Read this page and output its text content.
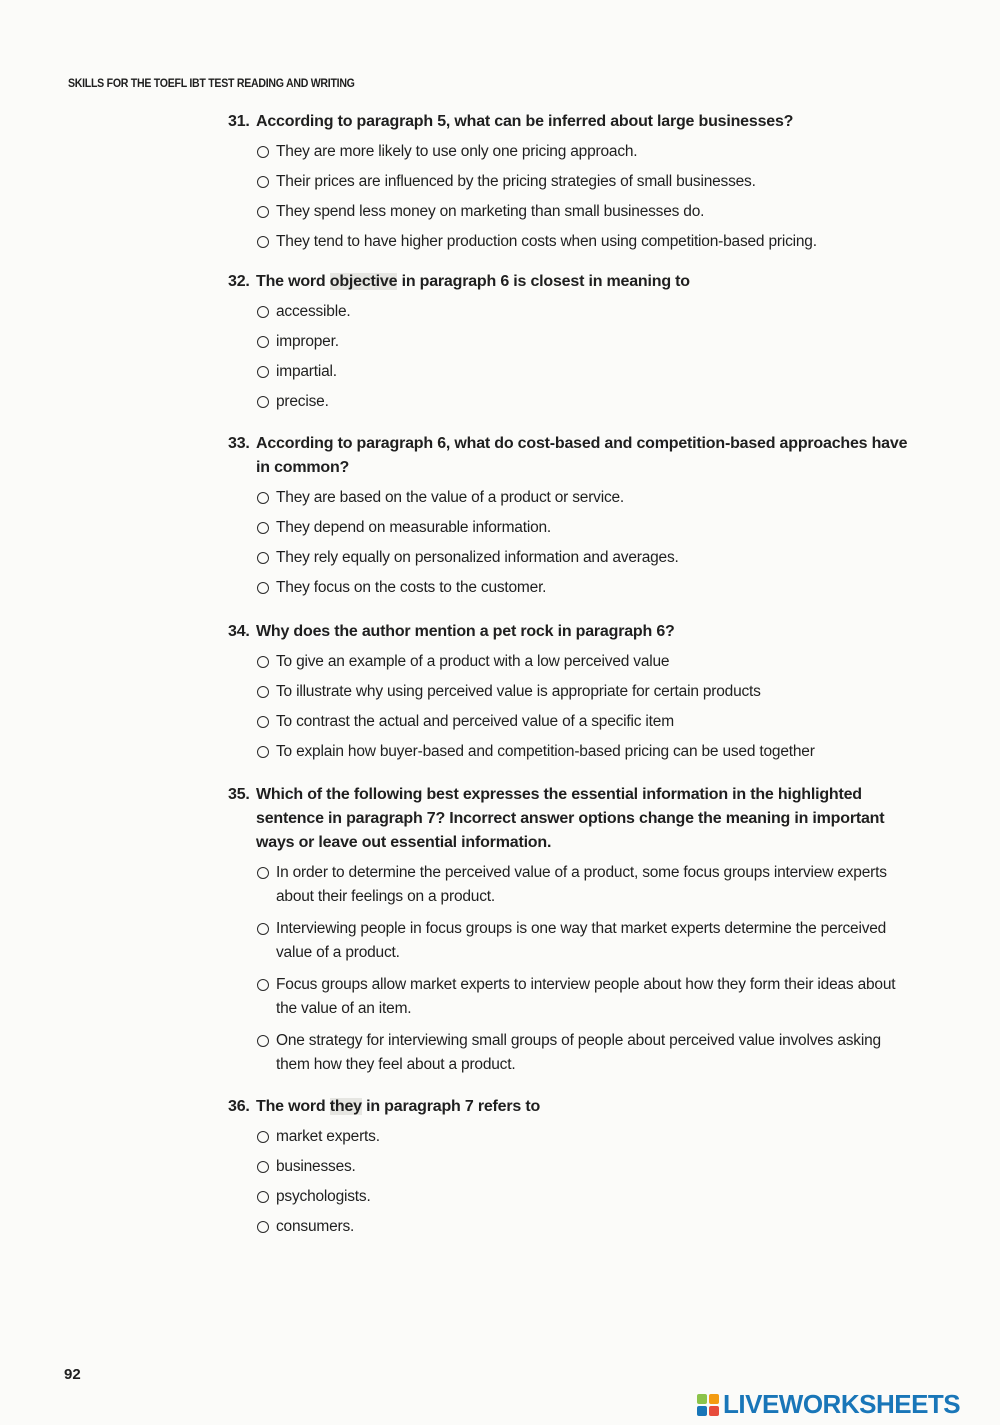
SKILLS FOR THE TOEFL IBT TEST READING AND WRITING
31. According to paragraph 5, what can be inferred about large businesses?
They are more likely to use only one pricing approach.
Their prices are influenced by the pricing strategies of small businesses.
They spend less money on marketing than small businesses do.
They tend to have higher production costs when using competition-based pricing.
32. The word objective in paragraph 6 is closest in meaning to
accessible.
improper.
impartial.
precise.
33. According to paragraph 6, what do cost-based and competition-based approaches have in common?
They are based on the value of a product or service.
They depend on measurable information.
They rely equally on personalized information and averages.
They focus on the costs to the customer.
34. Why does the author mention a pet rock in paragraph 6?
To give an example of a product with a low perceived value
To illustrate why using perceived value is appropriate for certain products
To contrast the actual and perceived value of a specific item
To explain how buyer-based and competition-based pricing can be used together
35. Which of the following best expresses the essential information in the highlighted sentence in paragraph 7? Incorrect answer options change the meaning in important ways or leave out essential information.
In order to determine the perceived value of a product, some focus groups interview experts about their feelings on a product.
Interviewing people in focus groups is one way that market experts determine the perceived value of a product.
Focus groups allow market experts to interview people about how they form their ideas about the value of an item.
One strategy for interviewing small groups of people about perceived value involves asking them how they feel about a product.
36. The word they in paragraph 7 refers to
market experts.
businesses.
psychologists.
consumers.
92
LIVEWORKSHEETS
